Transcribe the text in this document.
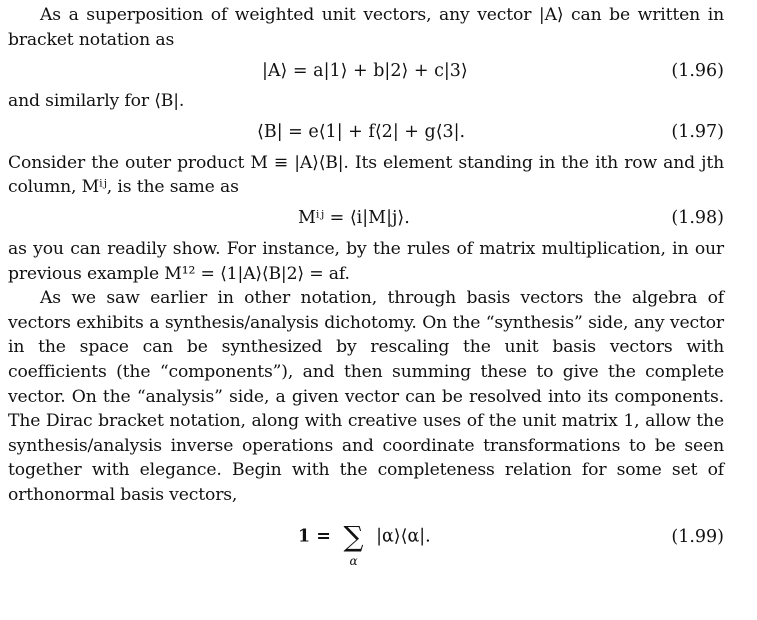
As a superposition of weighted unit vectors, any vector |A⟩ can be written in bracket notation as

|A⟩ = a|1⟩ + b|2⟩ + c|3⟩	(1.96)

and similarly for ⟨B|.

⟨B| = e⟨1| + f⟨2| + g⟨3|.	(1.97)

Consider the outer product M ≡ |A⟩⟨B|. Its element standing in the ith row and jth column, Mⁱʲ, is the same as

Mⁱʲ = ⟨i|M|j⟩.	(1.98)

as you can readily show. For instance, by the rules of matrix multiplication, in our previous example M¹² = ⟨1|A⟩⟨B|2⟩ = af.

As we saw earlier in other notation, through basis vectors the algebra of vectors exhibits a synthesis/analysis dichotomy. On the “synthesis” side, any vector in the space can be synthesized by rescaling the unit basis vectors with coefficients (the “components”), and then summing these to give the complete vector. On the “analysis” side, a given vector can be resolved into its components. The Dirac bracket notation, along with creative uses of the unit matrix 1, allow the synthesis/analysis inverse operations and coordinate transformations to be seen together with elegance. Begin with the completeness relation for some set of orthonormal basis vectors,

1 = ∑
α
|α⟩⟨α|.	(1.99)
